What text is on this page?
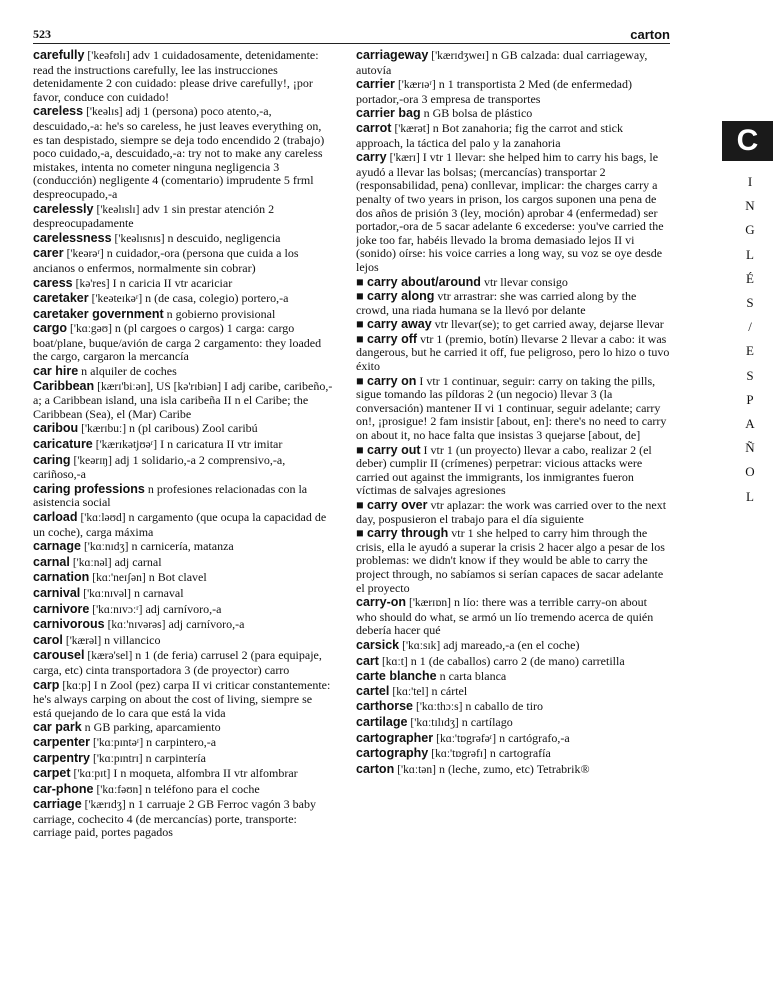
523	carton
carefully ['keəfʊlɪ] adv 1 cuidadosamente, detenidamente: read the instructions carefully, lee las instrucciones detenidamente 2 con cuidado: please drive carefully!, ¡por favor, conduce con cuidado!
careless ['keəlɪs] adj 1 (persona) poco atento,-a, descuidado,-a: he's so careless, he just leaves everything on, es tan despistado, siempre se deja todo encendido 2 (trabajo) poco cuidado,-a, descuidado,-a: try not to make any careless mistakes, intenta no cometer ninguna negligencia 3 (conducción) negligente 4 (comentario) imprudente 5 frml despreocupado,-a
carelessly ['keəlɪslɪ] adv 1 sin prestar atención 2 despreocupadamente
carelessness ['keəlɪsnɪs] n descuido, negligencia
carer ['keərəʳ] n cuidador,-ora (persona que cuida a los ancianos o enfermos, normalmente sin cobrar)
caress [kə'res] I n caricia II vtr acariciar
caretaker ['keəteɪkəʳ] n (de casa, colegio) portero,-a
caretaker government n gobierno provisional
cargo ['kɑːgəʊ] n (pl cargoes o cargos) 1 carga: cargo boat/plane, buque/avión de carga 2 cargamento: they loaded the cargo, cargaron la mercancía
car hire n alquiler de coches
Caribbean [kærɪ'biːən], US [kə'rɪbiən] I adj caribe, caribeño,-a; a Caribbean island, una isla caribeña II n el Caribe; the Caribbean (Sea), el (Mar) Caribe
caribou ['kærɪbuː] n (pl caribous) Zool caribú
caricature ['kærɪkətjʊəʳ] I n caricatura II vtr imitar
caring ['keərɪŋ] adj 1 solidario,-a 2 comprensivo,-a, cariñoso,-a
caring professions n profesiones relacionadas con la asistencia social
carload ['kɑːləʊd] n cargamento (que ocupa la capacidad de un coche), carga máxima
carnage ['kɑːnɪdʒ] n carnicería, matanza
carnal ['kɑːnəl] adj carnal
carnation [kɑː'neɪʃən] n Bot clavel
carnival ['kɑːnɪvəl] n carnaval
carnivore ['kɑːnɪvɔːʳ] adj carnívoro,-a
carnivorous [kɑː'nɪvərəs] adj carnívoro,-a
carol ['kærəl] n villancico
carousel [kærə'sel] n 1 (de feria) carrusel 2 (para equipaje, carga, etc) cinta transportadora 3 (de proyector) carro
carp [kɑːp] I n Zool (pez) carpa II vi criticar constantemente: he's always carping on about the cost of living, siempre se está quejando de lo cara que está la vida
car park n GB parking, aparcamiento
carpenter ['kɑːpɪntəʳ] n carpintero,-a
carpentry ['kɑːpɪntrɪ] n carpintería
carpet ['kɑːpɪt] I n moqueta, alfombra II vtr alfombrar
car-phone ['kɑːfəʊn] n teléfono para el coche
carriage ['kærɪdʒ] n 1 carruaje 2 GB Ferroc vagón 3 baby carriage, cochecito 4 (de mercancías) porte, transporte: carriage paid, portes pagados
carriageway ['kærɪdʒweɪ] n GB calzada: dual carriageway, autovía
carrier ['kærɪəʳ] n 1 transportista 2 Med (de enfermedad) portador,-ora 3 empresa de transportes
carrier bag n GB bolsa de plástico
carrot ['kærət] n Bot zanahoria; fig the carrot and stick approach, la táctica del palo y la zanahoria
carry ['kærɪ] I vtr 1 llevar: she helped him to carry his bags, le ayudó a llevar las bolsas; (mercancías) transportar 2 (responsabilidad, pena) conllevar, implicar: the charges carry a penalty of two years in prison, los cargos suponen una pena de dos años de prisión 3 (ley, moción) aprobar 4 (enfermedad) ser portador,-ora de 5 sacar adelante 6 excederse: you've carried the joke too far, habéis llevado la broma demasiado lejos II vi (sonido) oírse: his voice carries a long way, su voz se oye desde lejos
■ carry about/around vtr llevar consigo
■ carry along vtr arrastrar: she was carried along by the crowd, una riada humana se la llevó por delante
■ carry away vtr llevar(se); to get carried away, dejarse llevar
■ carry off vtr 1 (premio, botín) llevarse 2 llevar a cabo: it was dangerous, but he carried it off, fue peligroso, pero lo hizo o tuvo éxito
■ carry on I vtr 1 continuar, seguir: carry on taking the pills, sigue tomando las píldoras 2 (un negocio) llevar 3 (la conversación) mantener II vi 1 continuar, seguir adelante; carry on!, ¡prosigue! 2 fam insistir [about, en]: there's no need to carry on about it, no hace falta que insistas 3 quejarse [about, de]
■ carry out I vtr 1 (un proyecto) llevar a cabo, realizar 2 (el deber) cumplir II (crímenes) perpetrar: vicious attacks were carried out against the immigrants, los inmigrantes fueron víctimas de salvajes agresiones
■ carry over vtr aplazar: the work was carried over to the next day, pospusieron el trabajo para el día siguiente
■ carry through vtr 1 she helped to carry him through the crisis, ella le ayudó a superar la crisis 2 hacer algo a pesar de los problemas: we didn't know if they would be able to carry the project through, no sabíamos si serían capaces de sacar adelante el proyecto
carry-on ['kærɪɒn] n lío: there was a terrible carry-on about who should do what, se armó un lío tremendo acerca de quién debería hacer qué
carsick ['kɑːsɪk] adj mareado,-a (en el coche)
cart [kɑːt] n 1 (de caballos) carro 2 (de mano) carretilla
carte blanche n carta blanca
cartel [kɑː'tel] n cártel
carthorse ['kɑːthɔːs] n caballo de tiro
cartilage ['kɑːtɪlɪdʒ] n cartílago
cartographer [kɑː'tɒgrəfəʳ] n cartógrafo,-a
cartography [kɑː'tɒgrəfɪ] n cartografía
carton ['kɑːtən] n (leche, zumo, etc) Tetrabrik®
C
I
N
G
L
É
S
/
E
S
P
A
Ñ
O
L
